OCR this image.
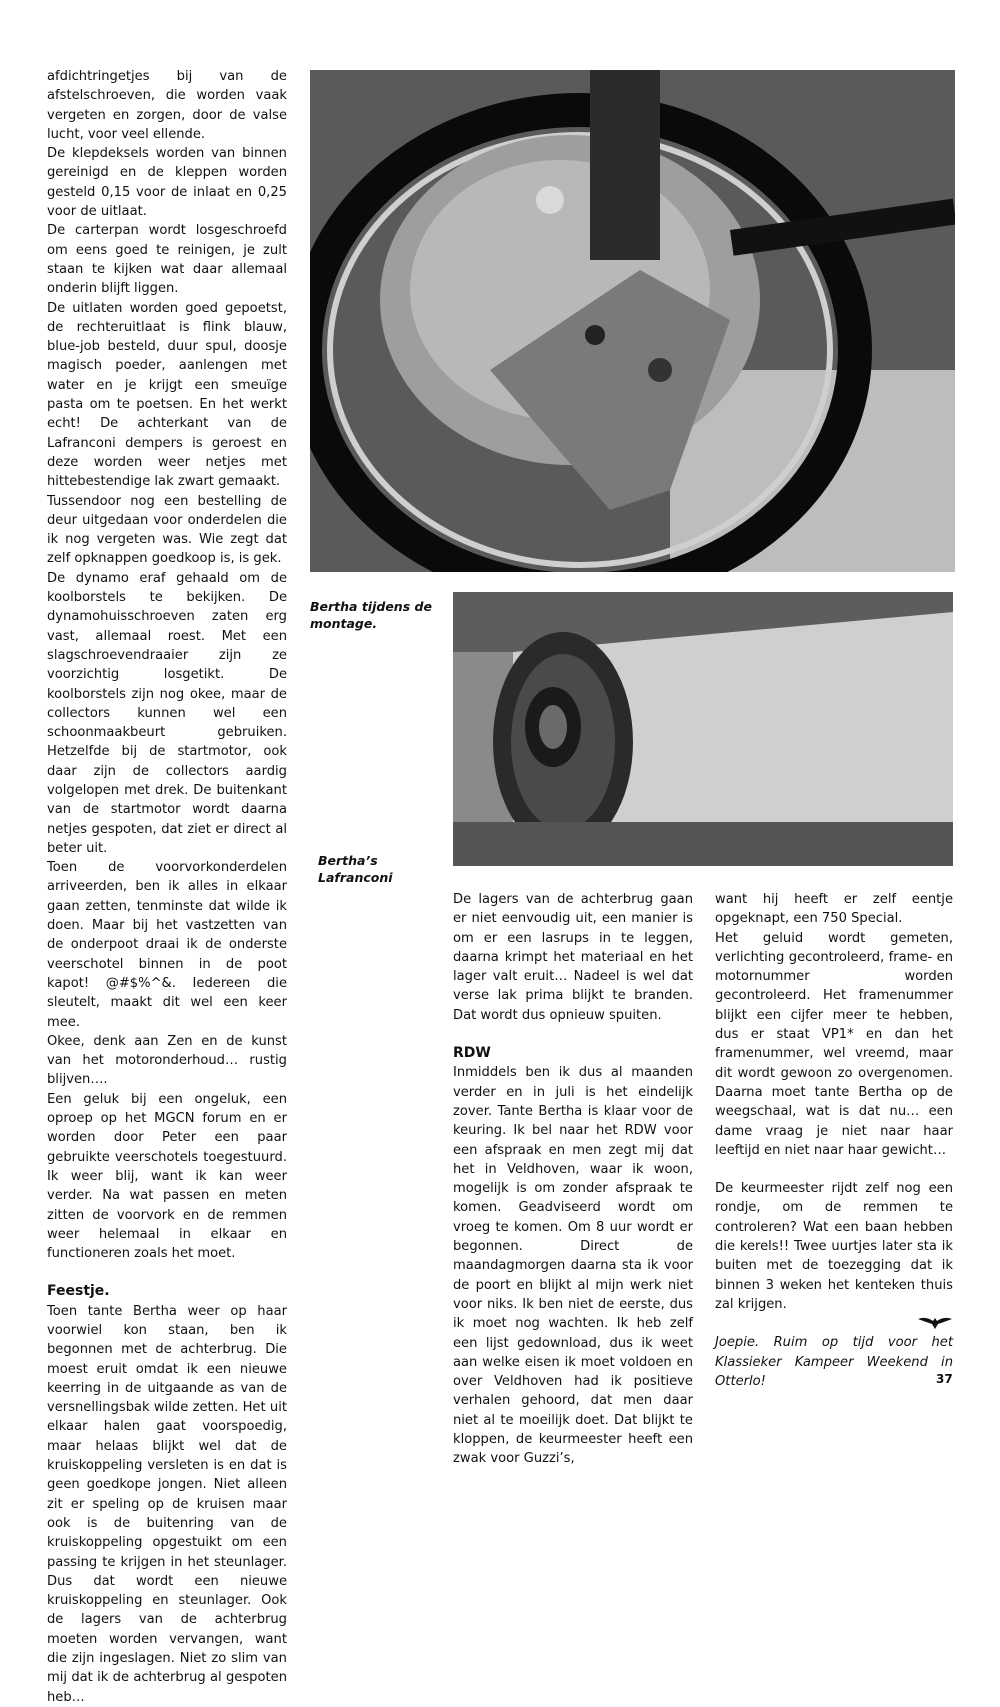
afdichtringetjes bij van de afstelschroeven, die worden vaak vergeten en zorgen, door de valse lucht, voor veel ellende.

De klepdeksels worden van binnen gereinigd en de kleppen worden gesteld 0,15 voor de inlaat en 0,25 voor de uitlaat.

De carterpan wordt losgeschroefd om eens goed te reinigen, je zult staan te kijken wat daar allemaal onderin blijft liggen.

De uitlaten worden goed gepoetst, de rechteruitlaat is flink blauw, blue-job besteld, duur spul, doosje magisch poeder, aanlengen met water en je krijgt een smeuïge pasta om te poetsen. En het werkt echt! De achterkant van de Lafranconi dempers is geroest en deze worden weer netjes met hittebestendige lak zwart gemaakt.

Tussendoor nog een bestelling de deur uitgedaan voor onderdelen die ik nog vergeten was. Wie zegt dat zelf opknappen goedkoop is, is gek.

De dynamo eraf gehaald om de koolborstels te bekijken. De dynamohuisschroeven zaten erg vast, allemaal roest. Met een slagschroevendraaier zijn ze voorzichtig losgetikt. De koolborstels zijn nog okee, maar de collectors kunnen wel een schoonmaakbeurt gebruiken. Hetzelfde bij de startmotor, ook daar zijn de collectors aardig volgelopen met drek. De buitenkant van de startmotor wordt daarna netjes gespoten, dat ziet er direct al beter uit.

Toen de voorvorkonderdelen arriveerden, ben ik alles in elkaar gaan zetten, tenminste dat wilde ik doen. Maar bij het vastzetten van de onderpoot draai ik de onderste veerschotel binnen in de poot kapot! @#$%^&. Iedereen die sleutelt, maakt dit wel een keer mee.

Okee, denk aan Zen en de kunst van het motoronderhoud… rustig blijven….

Een geluk bij een ongeluk, een oproep op het MGCN forum en er worden door Peter een paar gebruikte veerschotels toegestuurd. Ik weer blij, want ik kan weer verder. Na wat passen en meten zitten de voorvork en de remmen weer helemaal in elkaar en functioneren zoals het moet.

Feestje.

Toen tante Bertha weer op haar voorwiel kon staan, ben ik begonnen met de achterbrug. Die moest eruit omdat ik een nieuwe keerring in de uitgaande as van de versnellingsbak wilde zetten. Het uit elkaar halen gaat voorspoedig, maar helaas blijkt wel dat de kruiskoppeling versleten is en dat is geen goedkope jongen. Niet alleen zit er speling op de kruisen maar ook is de buitenring van de kruiskoppeling opgestuikt om een passing te krijgen in het steunlager. Dus dat wordt een nieuwe kruiskoppeling en steunlager. Ook de lagers van de achterbrug moeten worden vervangen, want die zijn ingeslagen. Niet zo slim van mij dat ik de achterbrug al gespoten heb…

Bertha tijdens de montage.
Bertha’s Lafranconi

De lagers van de achterbrug gaan er niet eenvoudig uit, een manier is om er een lasrups in te leggen, daarna krimpt het materiaal en het lager valt eruit… Nadeel is wel dat verse lak prima blijkt te branden. Dat wordt dus opnieuw spuiten.

RDW

Inmiddels ben ik dus al maanden verder en in juli is het eindelijk zover. Tante Bertha is klaar voor de keuring. Ik bel naar het RDW voor een afspraak en men zegt mij dat het in Veldhoven, waar ik woon, mogelijk is om zonder afspraak te komen. Geadviseerd wordt om vroeg te komen. Om 8 uur wordt er begonnen. Direct de maandagmorgen daarna sta ik voor de poort en blijkt al mijn werk niet voor niks. Ik ben niet de eerste, dus ik moet nog wachten. Ik heb zelf een lijst gedownload, dus ik weet aan welke eisen ik moet voldoen en over Veldhoven had ik positieve verhalen gehoord, dat men daar niet al te moeilijk doet. Dat blijkt te kloppen, de keurmeester heeft een zwak voor Guzzi’s,

want hij heeft er zelf eentje opgeknapt, een 750 Special.

Het geluid wordt gemeten, verlichting gecontroleerd, frame- en motornummer worden gecontroleerd. Het framenummer blijkt een cijfer meer te hebben, dus er staat VP1* en dan het framenummer, wel vreemd, maar dit wordt gewoon zo overgenomen. Daarna moet tante Bertha op de weegschaal, wat is dat nu… een dame vraag je niet naar haar leeftijd en niet naar haar gewicht…

De keurmeester rijdt zelf nog een rondje, om de remmen te controleren? Wat een baan hebben die kerels!! Twee uurtjes later sta ik buiten met de toezegging dat ik binnen 3 weken het kenteken thuis zal krijgen.

Joepie. Ruim op tijd voor het Klassieker Kampeer Weekend in Otterlo!	37
